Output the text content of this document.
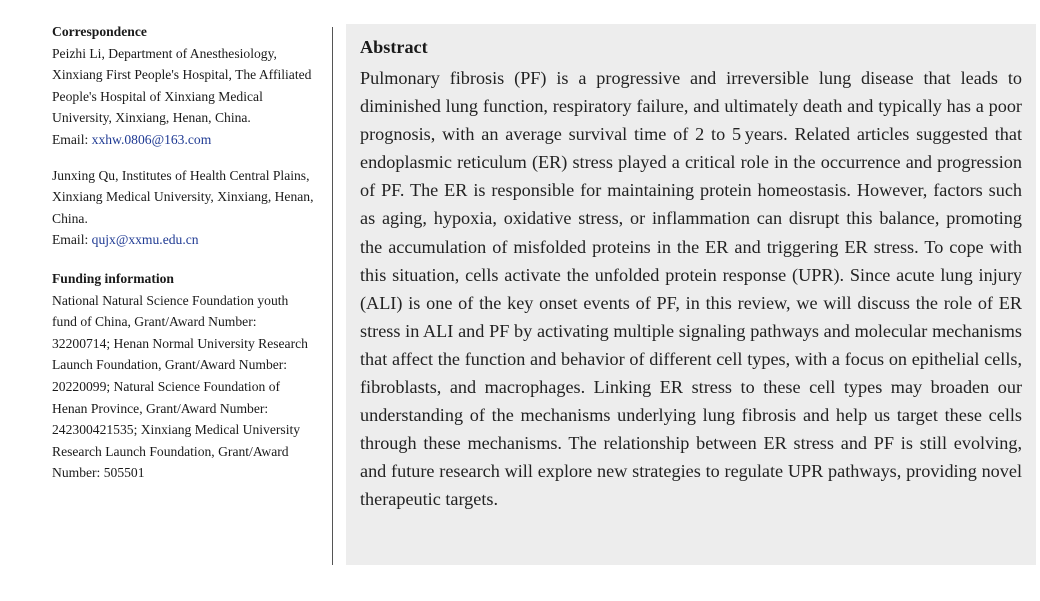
Correspondence
Peizhi Li, Department of Anesthesiology, Xinxiang First People's Hospital, The Affiliated People's Hospital of Xinxiang Medical University, Xinxiang, Henan, China.
Email: xxhw.0806@163.com
Junxing Qu, Institutes of Health Central Plains, Xinxiang Medical University, Xinxiang, Henan, China.
Email: qujx@xxmu.edu.cn
Funding information
National Natural Science Foundation youth fund of China, Grant/Award Number: 32200714; Henan Normal University Research Launch Foundation, Grant/Award Number: 20220099; Natural Science Foundation of Henan Province, Grant/Award Number: 242300421535; Xinxiang Medical University Research Launch Foundation, Grant/Award Number: 505501
Abstract

Pulmonary fibrosis (PF) is a progressive and irreversible lung disease that leads to diminished lung function, respiratory failure, and ultimately death and typically has a poor prognosis, with an average survival time of 2 to 5 years. Related articles suggested that endoplasmic reticulum (ER) stress played a critical role in the occurrence and progression of PF. The ER is responsible for maintaining protein homeostasis. However, factors such as aging, hypoxia, oxidative stress, or inflammation can disrupt this balance, promoting the accumulation of misfolded proteins in the ER and triggering ER stress. To cope with this situation, cells activate the unfolded protein response (UPR). Since acute lung injury (ALI) is one of the key onset events of PF, in this review, we will discuss the role of ER stress in ALI and PF by activating multiple signaling pathways and molecular mechanisms that affect the function and behavior of different cell types, with a focus on epithelial cells, fibroblasts, and macrophages. Linking ER stress to these cell types may broaden our understanding of the mechanisms underlying lung fibrosis and help us target these cells through these mechanisms. The relationship between ER stress and PF is still evolving, and future research will explore new strategies to regulate UPR pathways, providing novel therapeutic targets.
